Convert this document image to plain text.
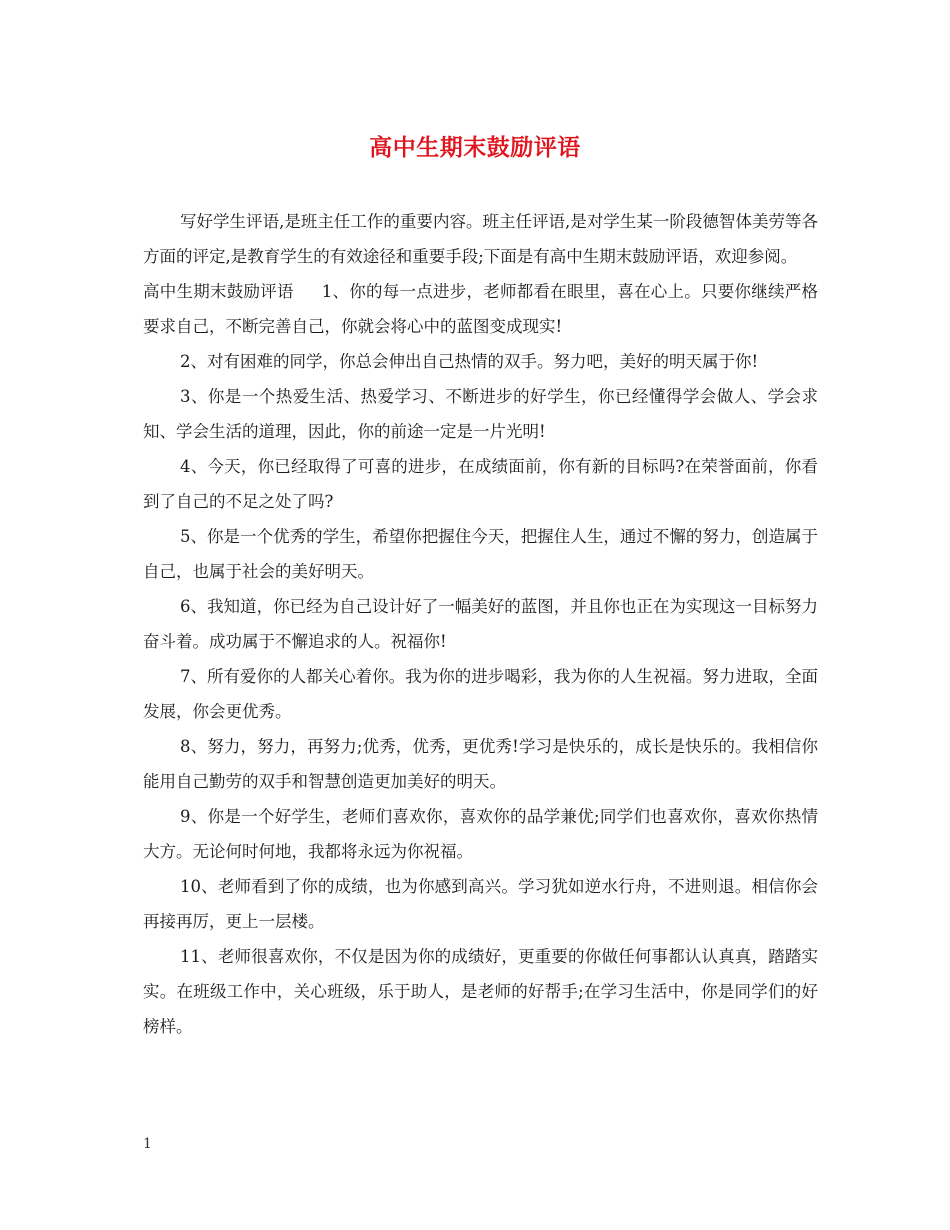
高中生期末鼓励评语

写好学生评语,是班主任工作的重要内容。班主任评语,是对学生某一阶段德智体美劳等各方面的评定,是教育学生的有效途径和重要手段;下面是有高中生期末鼓励评语，欢迎参阅。

高中生期末鼓励评语 1、你的每一点进步，老师都看在眼里，喜在心上。只要你继续严格要求自己，不断完善自己，你就会将心中的蓝图变成现实!

2、对有困难的同学，你总会伸出自己热情的双手。努力吧，美好的明天属于你!

3、你是一个热爱生活、热爱学习、不断进步的好学生，你已经懂得学会做人、学会求知、学会生活的道理，因此，你的前途一定是一片光明!

4、今天，你已经取得了可喜的进步，在成绩面前，你有新的目标吗?在荣誉面前，你看到了自己的不足之处了吗?

5、你是一个优秀的学生，希望你把握住今天，把握住人生，通过不懈的努力，创造属于自己，也属于社会的美好明天。

6、我知道，你已经为自己设计好了一幅美好的蓝图，并且你也正在为实现这一目标努力奋斗着。成功属于不懈追求的人。祝福你!

7、所有爱你的人都关心着你。我为你的进步喝彩，我为你的人生祝福。努力进取，全面发展，你会更优秀。

8、努力，努力，再努力;优秀，优秀，更优秀!学习是快乐的，成长是快乐的。我相信你能用自己勤劳的双手和智慧创造更加美好的明天。

9、你是一个好学生，老师们喜欢你，喜欢你的品学兼优;同学们也喜欢你，喜欢你热情大方。无论何时何地，我都将永远为你祝福。

10、老师看到了你的成绩，也为你感到高兴。学习犹如逆水行舟，不进则退。相信你会再接再厉，更上一层楼。

11、老师很喜欢你，不仅是因为你的成绩好，更重要的你做任何事都认认真真，踏踏实实。在班级工作中，关心班级，乐于助人，是老师的好帮手;在学习生活中，你是同学们的好榜样。

1
